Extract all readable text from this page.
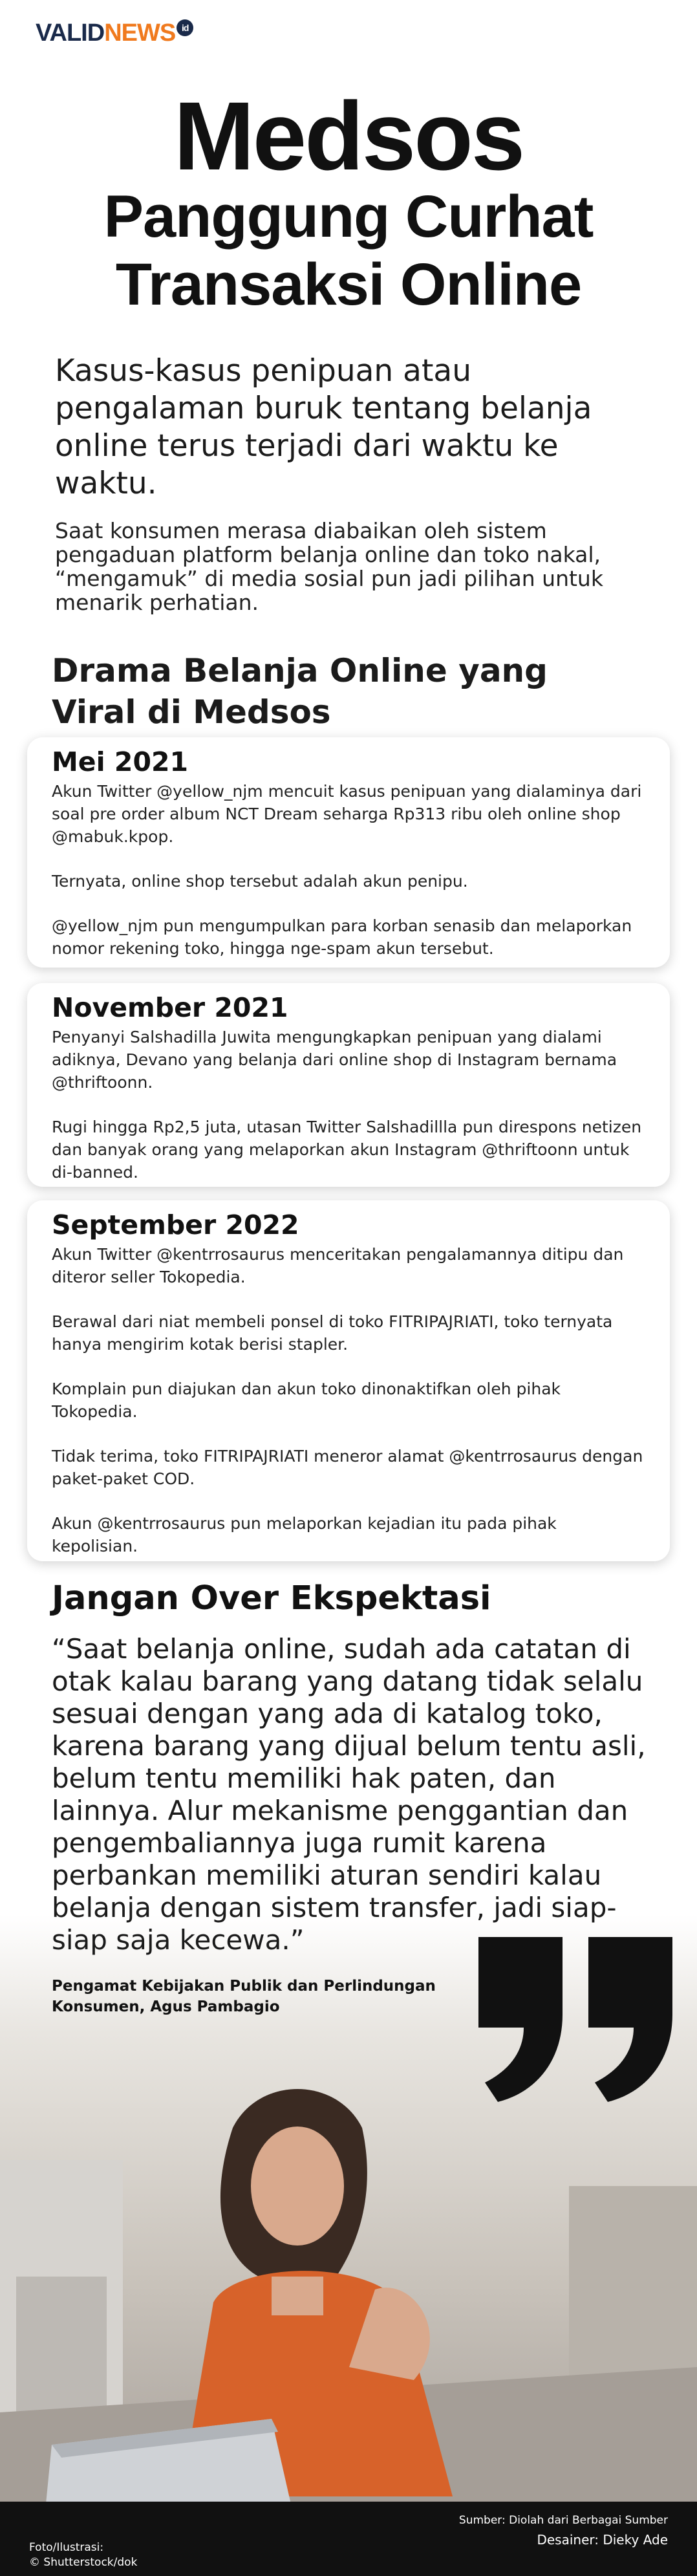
VALIDNEWS id
Medsos
Panggung Curhat
Transaksi Online
Kasus-kasus penipuan atau pengalaman buruk tentang belanja online terus terjadi dari waktu ke waktu.
Saat konsumen merasa diabaikan oleh sistem pengaduan platform belanja online dan toko nakal, “mengamuk” di media sosial pun jadi pilihan untuk menarik perhatian.
Drama Belanja Online yang Viral di Medsos
Mei 2021

Akun Twitter @yellow_njm mencuit kasus penipuan yang dialaminya dari soal pre order album NCT Dream seharga Rp313 ribu oleh online shop @mabuk.kpop.

Ternyata, online shop tersebut adalah akun penipu.

@yellow_njm pun mengumpulkan para korban senasib dan melaporkan nomor rekening toko, hingga nge-spam akun tersebut.

November 2021

Penyanyi Salshadilla Juwita mengungkapkan penipuan yang dialami adiknya, Devano yang belanja dari online shop di Instagram bernama @thriftoonn.

Rugi hingga Rp2,5 juta, utasan Twitter Salshadillla pun direspons netizen dan banyak orang yang melaporkan akun Instagram @thriftoonn untuk di-banned.

September 2022

Akun Twitter @kentrrosaurus menceritakan pengalamannya ditipu dan diteror seller Tokopedia.

Berawal dari niat membeli ponsel di toko FITRIPAJRIATI, toko ternyata hanya mengirim kotak berisi stapler.

Komplain pun diajukan dan akun toko dinonaktifkan oleh pihak Tokopedia.

Tidak terima, toko FITRIPAJRIATI meneror alamat @kentrrosaurus dengan paket-paket COD.

Akun @kentrrosaurus pun melaporkan kejadian itu pada pihak kepolisian.

Jangan Over Ekspektasi
“Saat belanja online, sudah ada catatan di otak kalau barang yang datang tidak selalu sesuai dengan yang ada di katalog toko, karena barang yang dijual belum tentu asli, belum tentu memiliki hak paten, dan lainnya. Alur mekanisme penggantian dan pengembaliannya juga rumit karena perbankan memiliki aturan sendiri kalau belanja dengan sistem transfer, jadi siap-siap saja kecewa.”
Pengamat Kebijakan Publik dan Perlindungan Konsumen, Agus Pambagio
Foto/Ilustrasi:
© Shutterstock/dok
Sumber: Diolah dari Berbagai Sumber
Desainer: Dieky Ade
